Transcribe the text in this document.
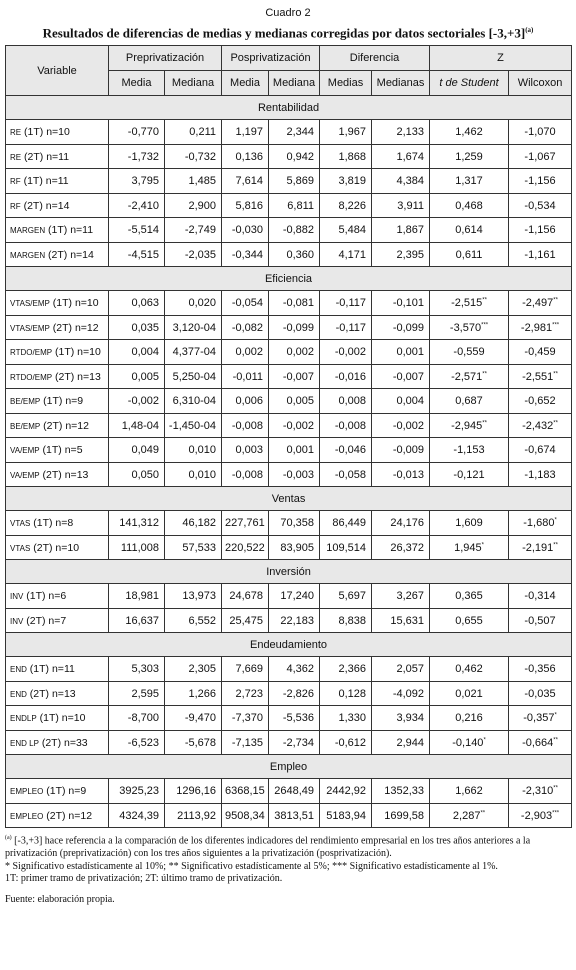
Cuadro 2
Resultados de diferencias de medias y medianas corregidas por datos sectoriales $[-3,+3]^{(a)}$
Variable	Preprivatización		Posprivatización		Diferencia		Z	
	Media	Mediana	Media	Mediana	Medias	Medianas	t de Student	Wilcoxon
Rentabilidad								
RE (1T) n=10	-0,770	0,211	1,197	2,344	1,967	2,133	1,462	-1,070
RE (2T) n=11	-1,732	-0,732	0,136	0,942	1,868	1,674	1,259	-1,067
RF (1T) n=11	3,795	1,485	7,614	5,869	3,819	4,384	1,317	-1,156
RF (2T) n=14	-2,410	2,900	5,816	6,811	8,226	3,911	0,468	-0,534
MARGEN (1T) n=11	-5,514	-2,749	-0,030	-0,882	5,484	1,867	0,614	-1,156
MARGEN (2T) n=14	-4,515	-2,035	-0,344	0,360	4,171	2,395	0,611	-1,161
Eficiencia								
VTAS/EMP (1T) n=10	0,063	0,020	-0,054	-0,081	-0,117	-0,101	-2,515**	-2,497**
VTAS/EMP (2T) n=12	0,035	3,120-04	-0,082	-0,099	-0,117	-0,099	-3,570***	-2,981***
RTDO/EMP (1T) n=10	0,004	4,377-04	0,002	0,002	-0,002	0,001	-0,559	-0,459
RTDO/EMP (2T) n=13	0,005	5,250-04	-0,011	-0,007	-0,016	-0,007	-2,571**	-2,551**
BE/EMP (1T) n=9	-0,002	6,310-04	0,006	0,005	0,008	0,004	0,687	-0,652
BE/EMP (2T) n=12	1,48-04	-1,450-04	-0,008	-0,002	-0,008	-0,002	-2,945**	-2,432**
VA/EMP (1T) n=5	0,049	0,010	0,003	0,001	-0,046	-0,009	-1,153	-0,674
VA/EMP (2T) n=13	0,050	0,010	-0,008	-0,003	-0,058	-0,013	-0,121	-1,183
Ventas								
VTAS (1T) n=8	141,312	46,182	227,761	70,358	86,449	24,176	1,609	-1,680*
VTAS (2T) n=10	111,008	57,533	220,522	83,905	109,514	26,372	1,945*	-2,191**
Inversión								
INV (1T) n=6	18,981	13,973	24,678	17,240	5,697	3,267	0,365	-0,314
INV (2T) n=7	16,637	6,552	25,475	22,183	8,838	15,631	0,655	-0,507
Endeudamiento								
END (1T) n=11	5,303	2,305	7,669	4,362	2,366	2,057	0,462	-0,356
END (2T) n=13	2,595	1,266	2,723	-2,826	0,128	-4,092	0,021	-0,035
ENDLP (1T) n=10	-8,700	-9,470	-7,370	-5,536	1,330	3,934	0,216	-0,357*
END LP (2T) n=33	-6,523	-5,678	-7,135	-2,734	-0,612	2,944	-0,140*	-0,664**
Empleo								
EMPLEO (1T) n=9	3925,23	1296,16	6368,15	2648,49	2442,92	1352,33	1,662	-2,310**
EMPLEO (2T) n=12	4324,39	2113,92	9508,34	3813,51	5183,94	1699,58	2,287**	-2,903***

$^{(a)}$ [-3,+3] hace referencia a la comparación de los diferentes indicadores del rendimiento empresarial en los tres años anteriores a la privatización (preprivatización) con los tres años siguientes a la privatización (posprivatización).

* Significativo estadísticamente al 10%; ** Significativo estadísticamente al 5%; *** Significativo estadísticamente al 1%.

1T: primer tramo de privatización; 2T: último tramo de privatización.

Fuente: elaboración propia.
